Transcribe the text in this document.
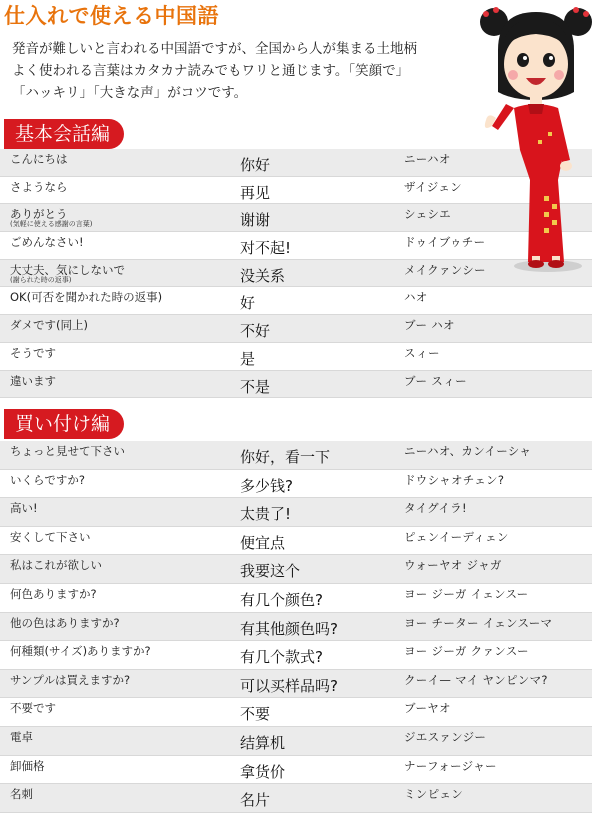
仕入れで使える中国語

発音が難しいと言われる中国語ですが、全国から人が集まる土地柄

よく使われる言葉はカタカナ読みでもワリと通じます。「笑顔で」

「ハッキリ」「大きな声」がコツです。

基本会話編
こんにちは	你好	ニーハオ
さようなら	再见	ザイジェン
ありがとう
(気軽に使える感謝の言葉)	谢谢	シェシエ
ごめんなさい!	对不起!	ドゥイブゥチー
大丈夫、気にしないで
(謝られた時の返事)	没关系	メイクァンシー
OK(可否を聞かれた時の返事)	好	ハオ
ダメです(同上)	不好	ブー ハオ
そうです	是	スィー
違います	不是	ブー スィー
買い付け編
ちょっと見せて下さい	你好，看一下	ニーハオ、カンイーシャ
いくらですか?	多少钱?	ドウシャオチェン?
高い!	太贵了!	タイグイラ!
安くして下さい	便宜点	ピェンイーディェン
私はこれが欲しい	我要这个	ウォーヤオ ジャガ
何色ありますか?	有几个颜色?	ヨー ジーガ イェンスー
他の色はありますか?	有其他颜色吗?	ヨー チーター イェンスーマ
何種類(サイズ)ありますか?	有几个款式?	ヨー ジーガ クァンスー
サンプルは買えますか?	可以买样品吗?	クーイ— マイ ヤンピンマ?
不要です	不要	ブーヤオ
電卓	结算机	ジエスァンジー
卸価格	拿货价	ナーフォージャー
名刺	名片	ミンピェン
